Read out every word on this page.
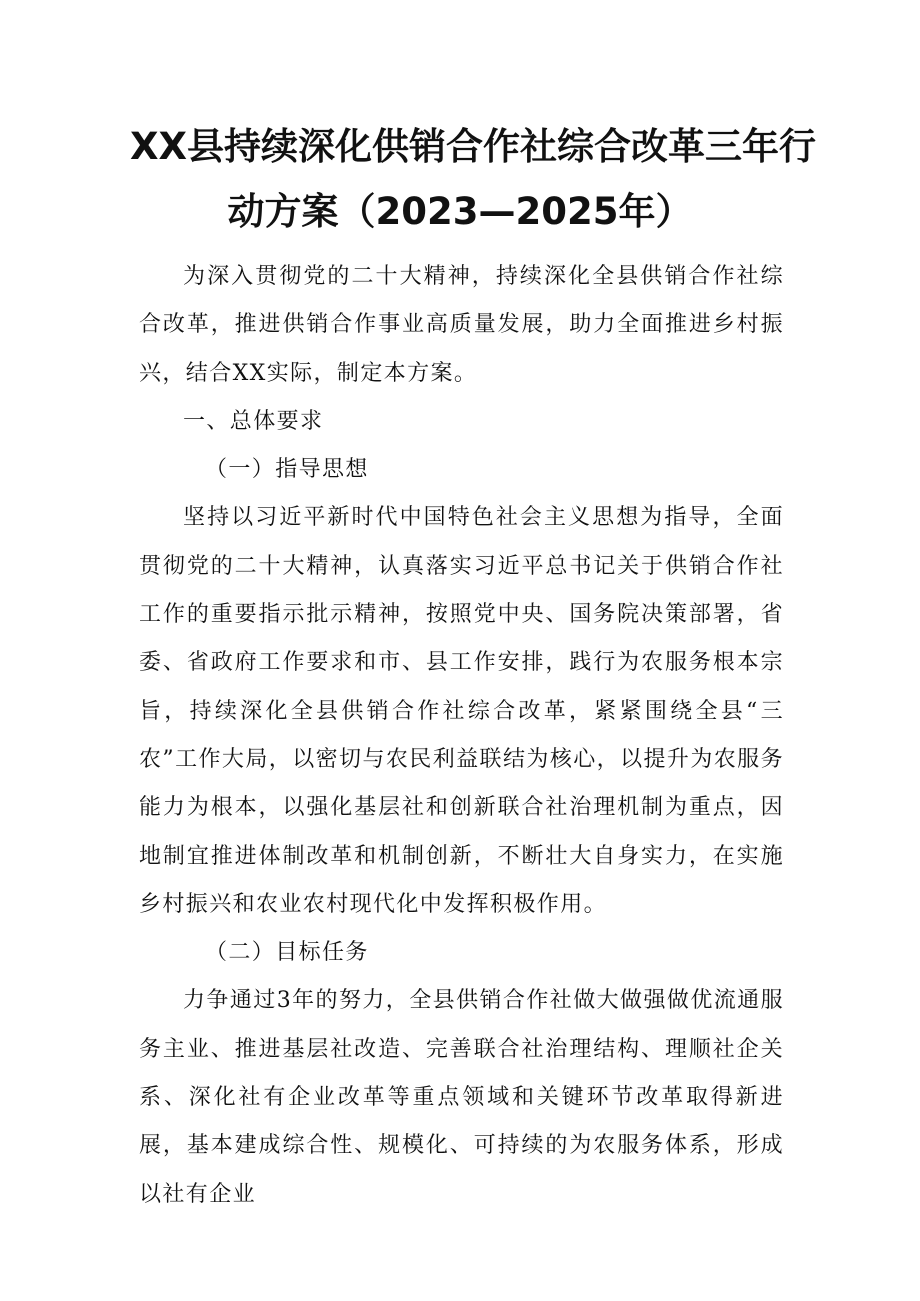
XX县持续深化供销合作社综合改革三年行
动方案（2023—2025年）

为深入贯彻党的二十大精神，持续深化全县供销合作社综合改革，推进供销合作事业高质量发展，助力全面推进乡村振兴，结合XX实际，制定本方案。

一、总体要求

（一）指导思想

坚持以习近平新时代中国特色社会主义思想为指导，全面贯彻党的二十大精神，认真落实习近平总书记关于供销合作社工作的重要指示批示精神，按照党中央、国务院决策部署，省委、省政府工作要求和市、县工作安排，践行为农服务根本宗旨，持续深化全县供销合作社综合改革，紧紧围绕全县“三农”工作大局，以密切与农民利益联结为核心，以提升为农服务能力为根本，以强化基层社和创新联合社治理机制为重点，因地制宜推进体制改革和机制创新，不断壮大自身实力，在实施乡村振兴和农业农村现代化中发挥积极作用。

（二）目标任务

力争通过3年的努力，全县供销合作社做大做强做优流通服务主业、推进基层社改造、完善联合社治理结构、理顺社企关系、深化社有企业改革等重点领域和关键环节改革取得新进展，基本建成综合性、规模化、可持续的为农服务体系，形成以社有企业
